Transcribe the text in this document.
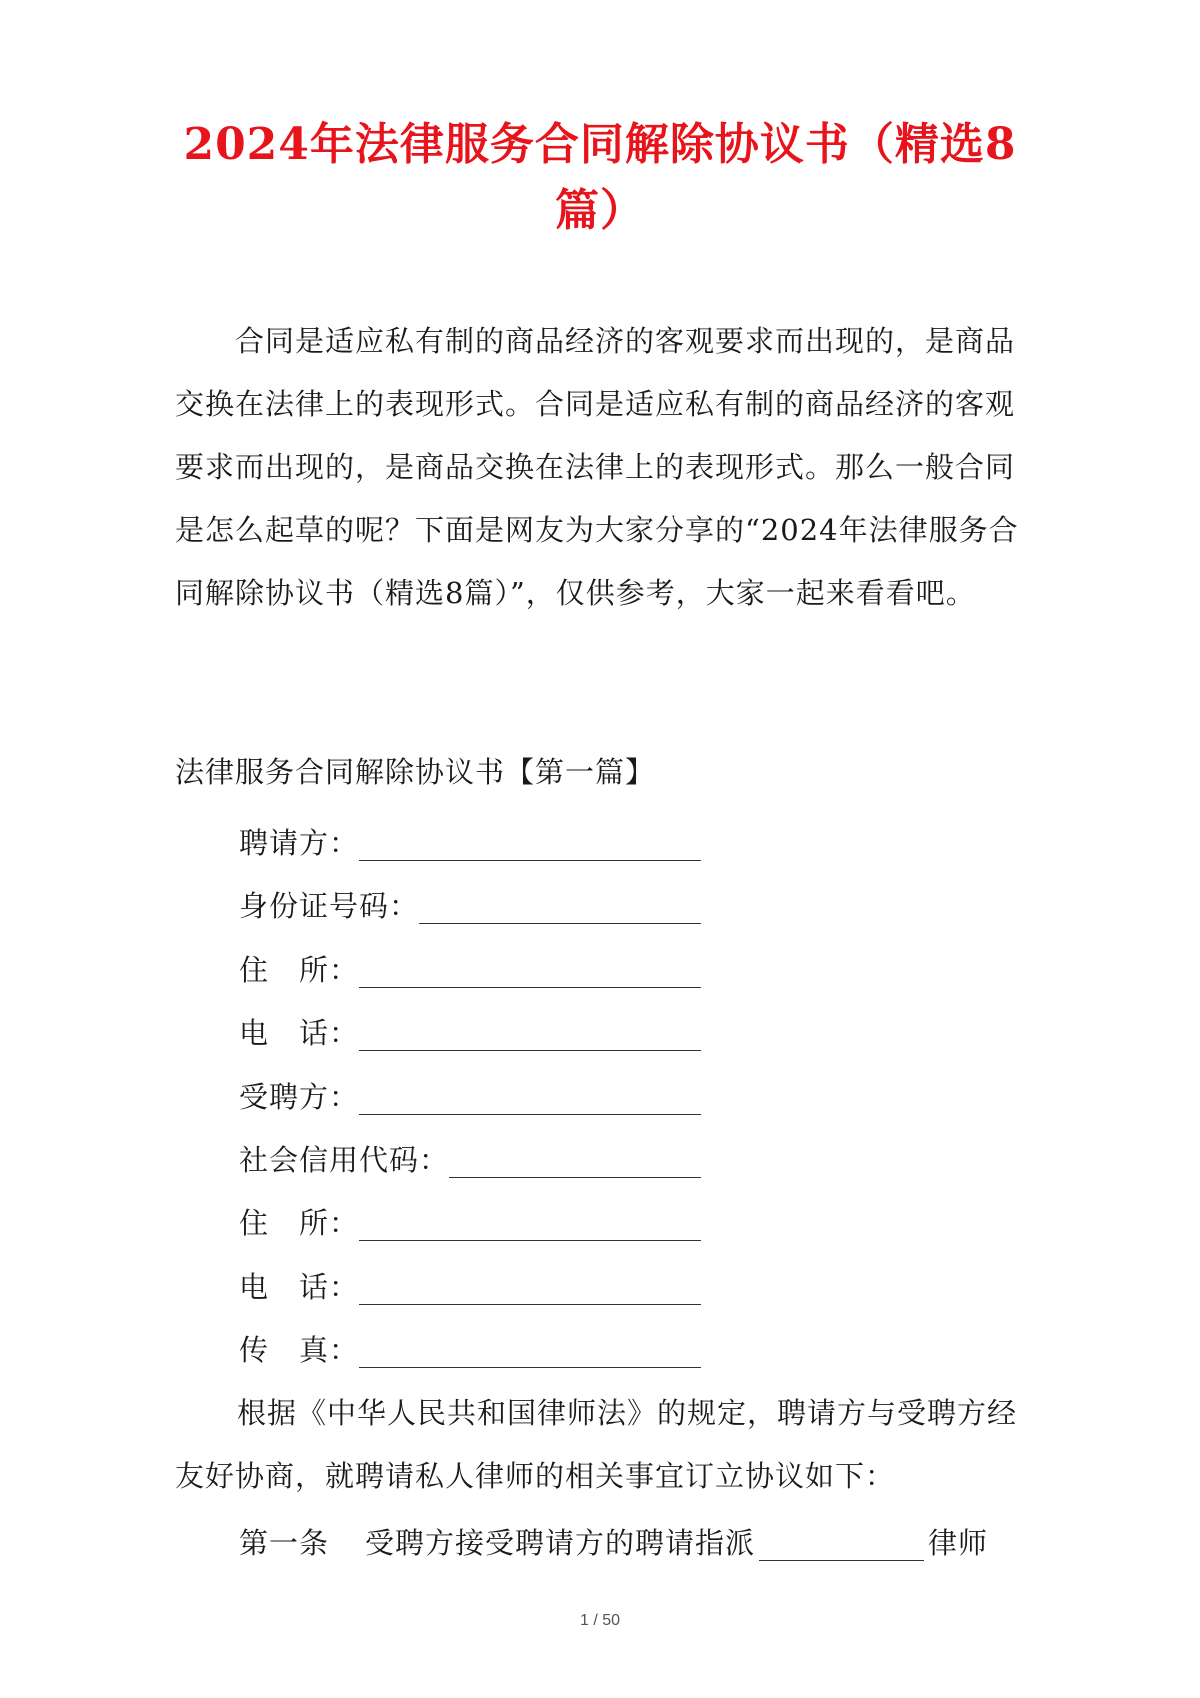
2024年法律服务合同解除协议书（精选8篇）

合同是适应私有制的商品经济的客观要求而出现的，是商品交换在法律上的表现形式。合同是适应私有制的商品经济的客观要求而出现的，是商品交换在法律上的表现形式。那么一般合同是怎么起草的呢？下面是网友为大家分享的“2024年法律服务合同解除协议书（精选8篇）”，仅供参考，大家一起来看看吧。

法律服务合同解除协议书【第一篇】

聘请方：
身份证号码：
住　所：
电　话：
受聘方：
社会信用代码：
住　所：
电　话：
传　真：

根据《中华人民共和国律师法》的规定，聘请方与受聘方经友好协商，就聘请私人律师的相关事宜订立协议如下：

第一条 受聘方接受聘请方的聘请指派	律师
1 / 50
